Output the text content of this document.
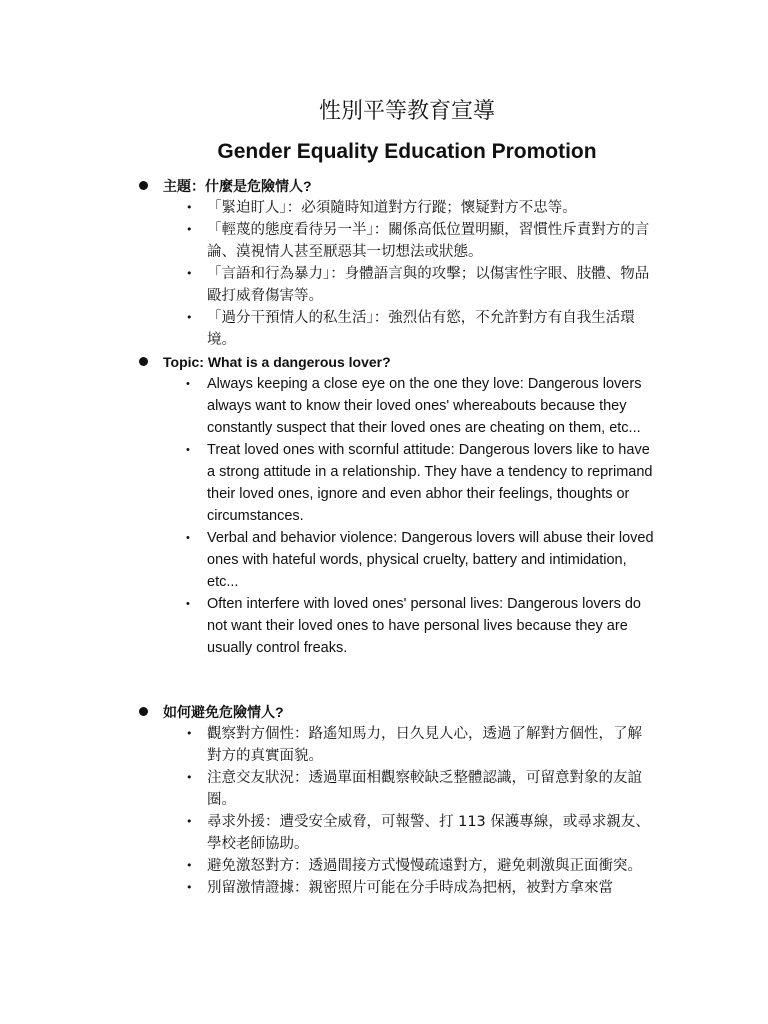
性別平等教育宣導
Gender Equality Education Promotion
主題：什麼是危險情人?
• 「緊迫盯人」：必須隨時知道對方行蹤；懷疑對方不忠等。
• 「輕蔑的態度看待另一半」：關係高低位置明顯，習慣性斥責對方的言論、漠視情人甚至厭惡其一切想法或狀態。
• 「言語和行為暴力」：身體語言與的攻擊；以傷害性字眼、肢體、物品毆打威脅傷害等。
• 「過分干預情人的私生活」：強烈佔有慾，不允許對方有自我生活環境。
Topic: What is a dangerous lover?
• Always keeping a close eye on the one they love: Dangerous lovers always want to know their loved ones' whereabouts because they constantly suspect that their loved ones are cheating on them, etc...
• Treat loved ones with scornful attitude: Dangerous lovers like to have a strong attitude in a relationship. They have a tendency to reprimand their loved ones, ignore and even abhor their feelings, thoughts or circumstances.
• Verbal and behavior violence: Dangerous lovers will abuse their loved ones with hateful words, physical cruelty, battery and intimidation, etc...
• Often interfere with loved ones' personal lives: Dangerous lovers do not want their loved ones to have personal lives because they are usually control freaks.
如何避免危險情人?
• 觀察對方個性：路遙知馬力，日久見人心，透過了解對方個性，了解對方的真實面貌。
• 注意交友狀況：透過單面相觀察較缺乏整體認識，可留意對象的友誼圈。
• 尋求外援：遭受安全威脅，可報警、打 113 保護專線，或尋求親友、學校老師協助。
• 避免激怒對方：透過間接方式慢慢疏遠對方，避免刺激與正面衝突。
• 別留激情證據：親密照片可能在分手時成為把柄，被對方拿來當
